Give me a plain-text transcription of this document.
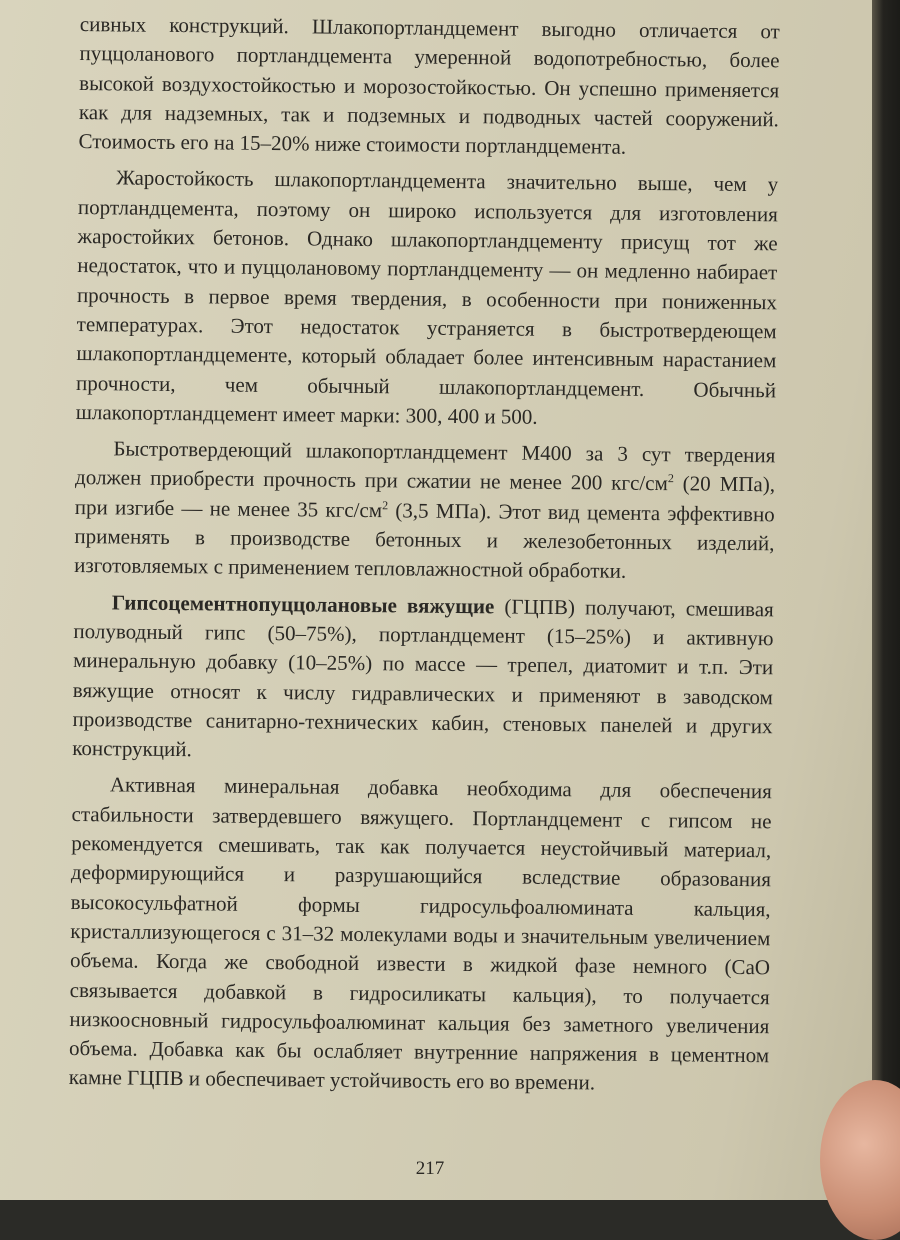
сивных конструкций. Шлакопортландцемент выгодно отличается от пуццоланового портландцемента умеренной водопотребностью, более высокой воздухостойкостью и морозостойкостью. Он успешно применяется как для надземных, так и подземных и подводных частей сооружений. Стоимость его на 15–20% ниже стоимости портландцемента.

Жаростойкость шлакопортландцемента значительно выше, чем у портландцемента, поэтому он широко используется для изготовления жаростойких бетонов. Однако шлакопортландцементу присущ тот же недостаток, что и пуццолановому портландцементу — он медленно набирает прочность в первое время твердения, в особенности при пониженных температурах. Этот недостаток устраняется в быстротвердеющем шлакопортландцементе, который обладает более интенсивным нарастанием прочности, чем обычный шлакопортландцемент. Обычньй шлакопортландцемент имеет марки: 300, 400 и 500.

Быстротвердеющий шлакопортландцемент М400 за 3 сут твердения должен приобрести прочность при сжатии не менее 200 кгс/$см^2$ (20 МПа), при изгибе — не менее 35 кгс/$см^2$ (3,5 МПа). Этот вид цемента эффективно применять в производстве бетонных и железобетонных изделий, изготовляемых с применением тепловлажностной обработки.

Гипсоцементнопуццолановые вяжущие (ГЦПВ) получают, смешивая полуводный гипс (50–75%), портландцемент (15–25%) и активную минеральную добавку (10–25%) по массе — трепел, диатомит и т.п. Эти вяжущие относят к числу гидравлических и применяют в заводском производстве санитарно-технических кабин, стеновых панелей и других конструкций.

Активная минеральная добавка необходима для обеспечения стабильности затвердевшего вяжущего. Портландцемент с гипсом не рекомендуется смешивать, так как получается неустойчивый материал, деформирующийся и разрушающийся вследствие образования высокосульфатной формы гидросульфоалюмината кальция, кристаллизующегося с 31–32 молекулами воды и значительным увеличением объема. Когда же свободной извести в жидкой фазе немного (CaO связывается добавкой в гидросиликаты кальция), то получается низкоосновный гидросульфоалюминат кальция без заметного увеличения объема. Добавка как бы ослабляет внутренние напряжения в цементном камне ГЦПВ и обеспечивает устойчивость его во времени.

217
